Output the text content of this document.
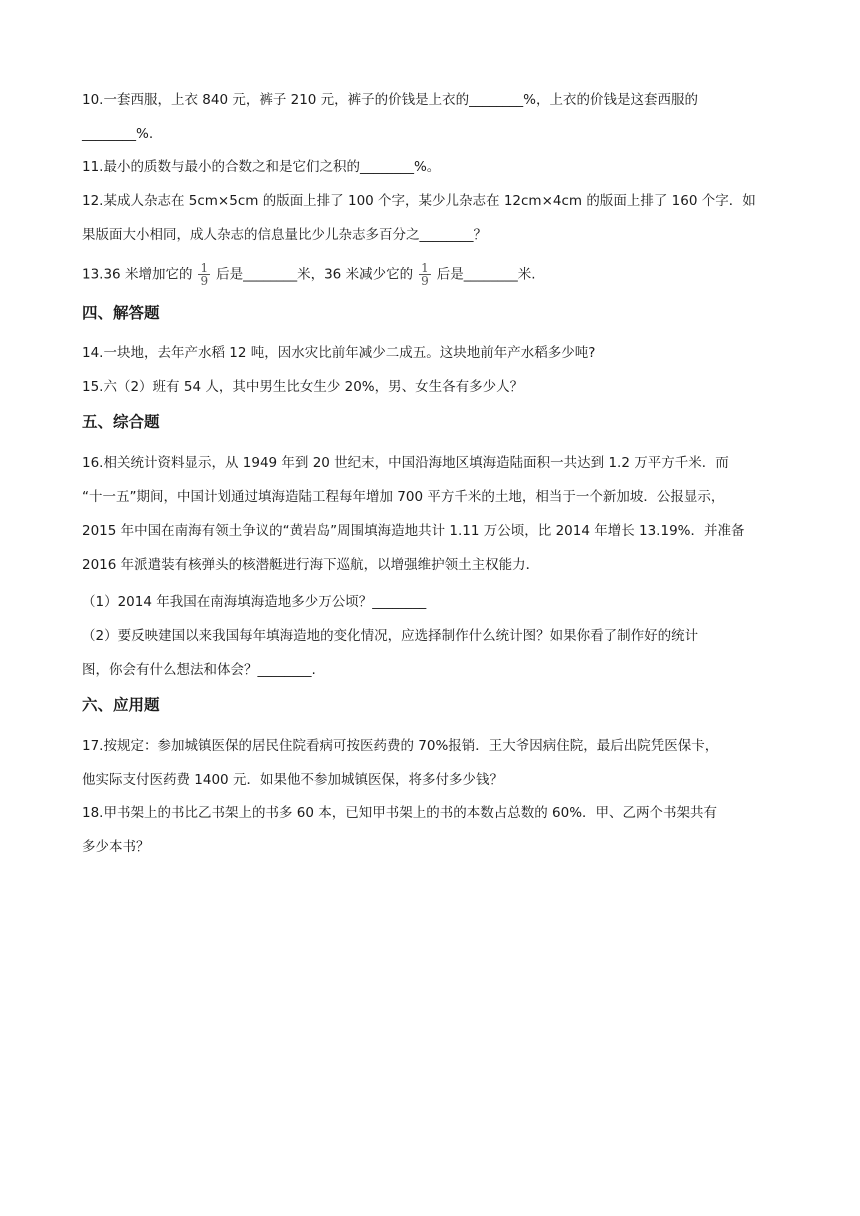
10.一套西服，上衣 840 元，裤子 210 元，裤子的价钱是上衣的________%，上衣的价钱是这套西服的
________%.
11.最小的质数与最小的合数之和是它们之积的________%。
12.某成人杂志在 5cm×5cm 的版面上排了 100 个字，某少儿杂志在 12cm×4cm 的版面上排了 160 个字．如
果版面大小相同，成人杂志的信息量比少儿杂志多百分之________？
13.36 米增加它的 $\frac{1}{9}$ 后是________米，36 米减少它的 $\frac{1}{9}$ 后是________米.
四、解答题
14.一块地，去年产水稻 12 吨，因水灾比前年减少二成五。这块地前年产水稻多少吨?
15.六（2）班有 54 人，其中男生比女生少 20%，男、女生各有多少人？
五、综合题
16.相关统计资料显示，从 1949 年到 20 世纪末，中国沿海地区填海造陆面积一共达到 1.2 万平方千米．而
“十一五”期间，中国计划通过填海造陆工程每年增加 700 平方千米的土地，相当于一个新加坡．公报显示，
2015 年中国在南海有领土争议的“黄岩岛”周围填海造地共计 1.11 万公顷，比 2014 年增长 13.19%．并准备
2016 年派遣装有核弹头的核潜艇进行海下巡航，以增强维护领土主权能力．
（1）2014 年我国在南海填海造地多少万公顷？________
（2）要反映建国以来我国每年填海造地的变化情况，应选择制作什么统计图？如果你看了制作好的统计
图，你会有什么想法和体会？________.
六、应用题
17.按规定：参加城镇医保的居民住院看病可按医药费的 70%报销．王大爷因病住院，最后出院凭医保卡，
他实际支付医药费 1400 元．如果他不参加城镇医保，将多付多少钱？
18.甲书架上的书比乙书架上的书多 60 本，已知甲书架上的书的本数占总数的 60%．甲、乙两个书架共有
多少本书？
